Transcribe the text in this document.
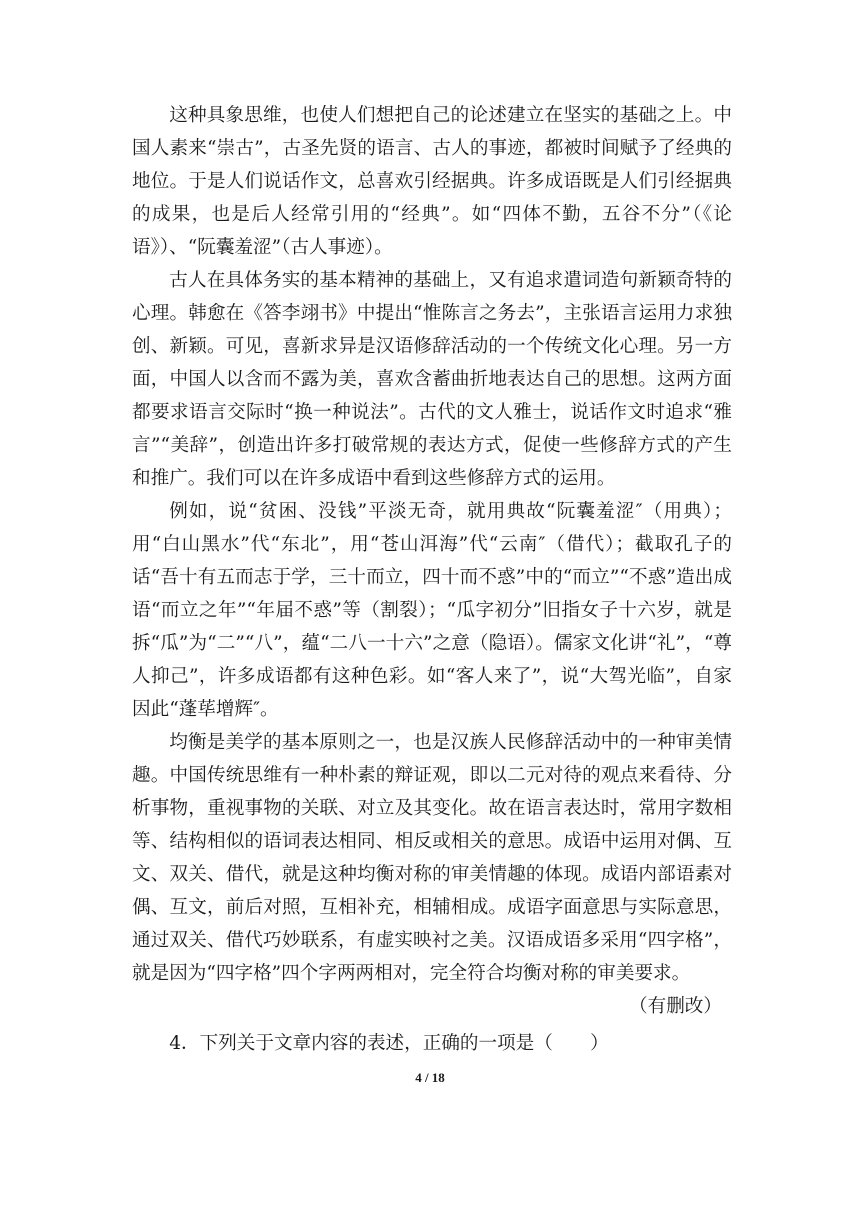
这种具象思维，也使人们想把自己的论述建立在坚实的基础之上。中国人素来“崇古”，古圣先贤的语言、古人的事迹，都被时间赋予了经典的地位。于是人们说话作文，总喜欢引经据典。许多成语既是人们引经据典的成果，也是后人经常引用的“经典”。如“四体不勤，五谷不分”（《论语》）、“阮囊羞涩”（古人事迹）。

古人在具体务实的基本精神的基础上，又有追求遣词造句新颖奇特的心理。韩愈在《答李翊书》中提出“惟陈言之务去”，主张语言运用力求独创、新颖。可见，喜新求异是汉语修辞活动的一个传统文化心理。另一方面，中国人以含而不露为美，喜欢含蓄曲折地表达自己的思想。这两方面都要求语言交际时“换一种说法”。古代的文人雅士，说话作文时追求“雅言”“美辞”，创造出许多打破常规的表达方式，促使一些修辞方式的产生和推广。我们可以在许多成语中看到这些修辞方式的运用。

例如，说“贫困、没钱”平淡无奇，就用典故“阮囊羞涩″（用典）；用“白山黑水”代“东北”，用“苍山洱海”代“云南″（借代）；截取孔子的话“吾十有五而志于学，三十而立，四十而不惑”中的“而立”“不惑”造出成语“而立之年”“年届不惑”等（割裂）；“瓜字初分”旧指女子十六岁，就是拆“瓜”为“二”“八”，蕴“二八一十六”之意（隐语）。儒家文化讲“礼”，“尊人抑己”，许多成语都有这种色彩。如“客人来了”，说“大驾光临”，自家因此“蓬荜增辉″。

均衡是美学的基本原则之一，也是汉族人民修辞活动中的一种审美情趣。中国传统思维有一种朴素的辩证观，即以二元对待的观点来看待、分析事物，重视事物的关联、对立及其变化。故在语言表达时，常用字数相等、结构相似的语词表达相同、相反或相关的意思。成语中运用对偶、互文、双关、借代，就是这种均衡对称的审美情趣的体现。成语内部语素对偶、互文，前后对照，互相补充，相辅相成。成语字面意思与实际意思，通过双关、借代巧妙联系，有虚实映衬之美。汉语成语多采用“四字格”，就是因为“四字格”四个字两两相对，完全符合均衡对称的审美要求。

（有删改）

4．下列关于文章内容的表述，正确的一项是（　　）

4 / 18
